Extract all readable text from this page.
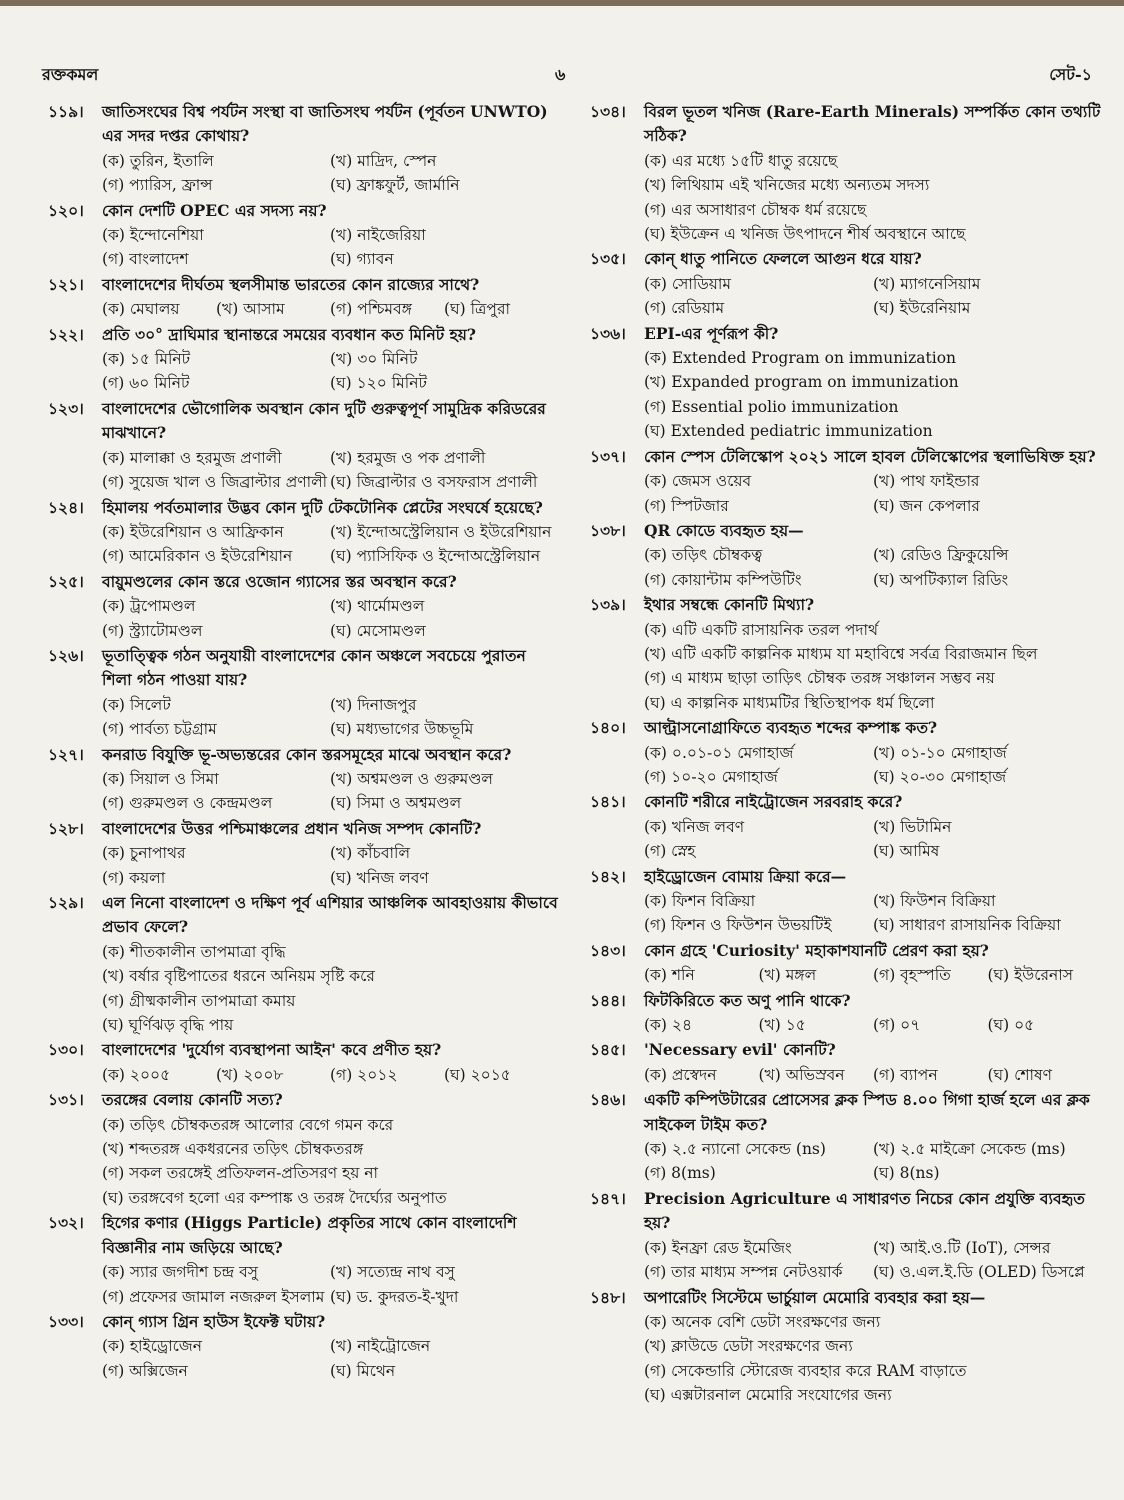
রক্তকমল	৬	সেট-১
১১৯।	জাতিসংঘের বিশ্ব পর্যটন সংস্থা বা জাতিসংঘ পর্যটন (পূর্বতন UNWTO) এর সদর দপ্তর কোথায়?
(ক) তুরিন, ইতালি	(খ) মাদ্রিদ, স্পেন
(গ) প্যারিস, ফ্রান্স	(ঘ) ফ্রাঙ্কফুর্ট, জার্মানি
১২০।	কোন দেশটি OPEC এর সদস্য নয়?
(ক) ইন্দোনেশিয়া	(খ) নাইজেরিয়া
(গ) বাংলাদেশ	(ঘ) গ্যাবন
১২১।	বাংলাদেশের দীর্ঘতম স্থলসীমান্ত ভারতের কোন রাজ্যের সাথে?
(ক) মেঘালয়	(খ) আসাম	(গ) পশ্চিমবঙ্গ	(ঘ) ত্রিপুরা
১২২।	প্রতি ৩০° দ্রাঘিমার স্থানান্তরে সময়ের ব্যবধান কত মিনিট হয়?
(ক) ১৫ মিনিট	(খ) ৩০ মিনিট
(গ) ৬০ মিনিট	(ঘ) ১২০ মিনিট
১২৩।	বাংলাদেশের ভৌগোলিক অবস্থান কোন দুটি গুরুত্বপূর্ণ সামুদ্রিক করিডরের মাঝখানে?
(ক) মালাক্কা ও হরমুজ প্রণালী	(খ) হরমুজ ও পক প্রণালী
(গ) সুয়েজ খাল ও জিব্রাল্টার প্রণালী (ঘ) জিব্রাল্টার ও বসফরাস প্রণালী
১২৪।	হিমালয় পর্বতমালার উদ্ভব কোন দুটি টেকটোনিক প্লেটের সংঘর্ষে হয়েছে?
(ক) ইউরেশিয়ান ও আফ্রিকান	(খ) ইন্দোঅস্ট্রেলিয়ান ও ইউরেশিয়ান
(গ) আমেরিকান ও ইউরেশিয়ান	(ঘ) প্যাসিফিক ও ইন্দোঅস্ট্রেলিয়ান
১২৫।	বায়ুমণ্ডলের কোন স্তরে ওজোন গ্যাসের স্তর অবস্থান করে?
(ক) ট্রপোমণ্ডল	(খ) থার্মোমণ্ডল
(গ) স্ট্র্যাটোমণ্ডল	(ঘ) মেসোমণ্ডল
১২৬।	ভূতাত্ত্বিক গঠন অনুযায়ী বাংলাদেশের কোন অঞ্চলে সবচেয়ে পুরাতন শিলা গঠন পাওয়া যায়?
(ক) সিলেট	(খ) দিনাজপুর
(গ) পার্বত্য চট্টগ্রাম	(ঘ) মধ্যভাগের উচ্চভূমি
১২৭।	কনরাড বিযুক্তি ভূ-অভ্যন্তরের কোন স্তরসমূহের মাঝে অবস্থান করে?
(ক) সিয়াল ও সিমা	(খ) অশ্বমণ্ডল ও গুরুমণ্ডল
(গ) গুরুমণ্ডল ও কেন্দ্রমণ্ডল	(ঘ) সিমা ও অশ্বমণ্ডল
১২৮।	বাংলাদেশের উত্তর পশ্চিমাঞ্চলের প্রধান খনিজ সম্পদ কোনটি?
(ক) চুনাপাথর	(খ) কাঁচবালি
(গ) কয়লা	(ঘ) খনিজ লবণ
১২৯।	এল নিনো বাংলাদেশ ও দক্ষিণ পূর্ব এশিয়ার আঞ্চলিক আবহাওয়ায় কীভাবে প্রভাব ফেলে?
(ক) শীতকালীন তাপমাত্রা বৃদ্ধি
(খ) বর্ষার বৃষ্টিপাতের ধরনে অনিয়ম সৃষ্টি করে
(গ) গ্রীষ্মকালীন তাপমাত্রা কমায়
(ঘ) ঘূর্ণিঝড় বৃদ্ধি পায়
১৩০।	বাংলাদেশের 'দুর্যোগ ব্যবস্থাপনা আইন' কবে প্রণীত হয়?
(ক) ২০০৫	(খ) ২০০৮	(গ) ২০১২	(ঘ) ২০১৫
১৩১।	তরঙ্গের বেলায় কোনটি সত্য?
(ক) তড়িৎ চৌম্বকতরঙ্গ আলোর বেগে গমন করে
(খ) শব্দতরঙ্গ একধরনের তড়িৎ চৌম্বকতরঙ্গ
(গ) সকল তরঙ্গেই প্রতিফলন-প্রতিসরণ হয় না
(ঘ) তরঙ্গবেগ হলো এর কম্পাঙ্ক ও তরঙ্গ দৈর্ঘ্যের অনুপাত
১৩২।	হিগের কণার (Higgs Particle) প্রকৃতির সাথে কোন বাংলাদেশি বিজ্ঞানীর নাম জড়িয়ে আছে?
(ক) স্যার জগদীশ চন্দ্র বসু	(খ) সত্যেন্দ্র নাথ বসু
(গ) প্রফেসর জামাল নজরুল ইসলাম (ঘ) ড. কুদরত-ই-খুদা
১৩৩।	কোন্ গ্যাস গ্রিন হাউস ইফেক্ট ঘটায়?
(ক) হাইড্রোজেন	(খ) নাইট্রোজেন
(গ) অক্সিজেন	(ঘ) মিথেন
১৩৪।	বিরল ভূতল খনিজ (Rare-Earth Minerals) সম্পর্কিত কোন তথ্যটি সঠিক?
(ক) এর মধ্যে ১৫টি ধাতু রয়েছে
(খ) লিথিয়াম এই খনিজের মধ্যে অন্যতম সদস্য
(গ) এর অসাধারণ চৌম্বক ধর্ম রয়েছে
(ঘ) ইউক্রেন এ খনিজ উৎপাদনে শীর্ষ অবস্থানে আছে
১৩৫।	কোন্ ধাতু পানিতে ফেললে আগুন ধরে যায়?
(ক) সোডিয়াম	(খ) ম্যাগনেসিয়াম
(গ) রেডিয়াম	(ঘ) ইউরেনিয়াম
১৩৬।	EPI-এর পূর্ণরূপ কী?
(ক) Extended Program on immunization
(খ) Expanded program on immunization
(গ) Essential polio immunization
(ঘ) Extended pediatric immunization
১৩৭।	কোন স্পেস টেলিস্কোপ ২০২১ সালে হাবল টেলিস্কোপের স্থলাভিষিক্ত হয়?
(ক) জেমস ওয়েব	(খ) পাথ ফাইন্ডার
(গ) স্পিটজার	(ঘ) জন কেপলার
১৩৮।	QR কোডে ব্যবহৃত হয়—
(ক) তড়িৎ চৌম্বকত্ব	(খ) রেডিও ফ্রিকুয়েন্সি
(গ) কোয়ান্টাম কম্পিউটিং	(ঘ) অপটিক্যাল রিডিং
১৩৯।	ইথার সম্বন্ধে কোনটি মিথ্যা?
(ক) এটি একটি রাসায়নিক তরল পদার্থ
(খ) এটি একটি কাল্পনিক মাধ্যম যা মহাবিশ্বে সর্বত্র বিরাজমান ছিল
(গ) এ মাধ্যম ছাড়া তাড়িৎ চৌম্বক তরঙ্গ সঞ্চালন সম্ভব নয়
(ঘ) এ কাল্পনিক মাধ্যমটির স্থিতিস্থাপক ধর্ম ছিলো
১৪০।	আল্ট্রাসনোগ্রাফিতে ব্যবহৃত শব্দের কম্পাঙ্ক কত?
(ক) ০.০১-০১ মেগাহার্জ	(খ) ০১-১০ মেগাহার্জ
(গ) ১০-২০ মেগাহার্জ	(ঘ) ২০-৩০ মেগাহার্জ
১৪১।	কোনটি শরীরে নাইট্রোজেন সরবরাহ করে?
(ক) খনিজ লবণ	(খ) ভিটামিন
(গ) স্নেহ	(ঘ) আমিষ
১৪২।	হাইড্রোজেন বোমায় ক্রিয়া করে—
(ক) ফিশন বিক্রিয়া	(খ) ফিউশন বিক্রিয়া
(গ) ফিশন ও ফিউশন উভয়টিই	(ঘ) সাধারণ রাসায়নিক বিক্রিয়া
১৪৩।	কোন গ্রহে 'Curiosity' মহাকাশযানটি প্রেরণ করা হয়?
(ক) শনি	(খ) মঙ্গল	(গ) বৃহস্পতি	(ঘ) ইউরেনাস
১৪৪।	ফিটকিরিতে কত অণু পানি থাকে?
(ক) ২৪	(খ) ১৫	(গ) ০৭	(ঘ) ০৫
১৪৫।	'Necessary evil' কোনটি?
(ক) প্রস্বেদন	(খ) অভিস্রবন	(গ) ব্যাপন	(ঘ) শোষণ
১৪৬।	একটি কম্পিউটারের প্রোসেসর ক্লক স্পিড ৪.০০ গিগা হার্জ হলে এর ক্লক সাইকেল টাইম কত?
(ক) ২.৫ ন্যানো সেকেন্ড (ns)	(খ) ২.৫ মাইক্রো সেকেন্ড (ms)
(গ) 8(ms)	(ঘ) 8(ns)
১৪৭।	Precision Agriculture এ সাধারণত নিচের কোন প্রযুক্তি ব্যবহৃত হয়?
(ক) ইনফ্রা রেড ইমেজিং	(খ) আই.ও.টি (IoT), সেন্সর
(গ) তার মাধ্যম সম্পন্ন নেটওয়ার্ক	(ঘ) ও.এল.ই.ডি (OLED) ডিসপ্লে
১৪৮।	অপারেটিং সিস্টেমে ভার্চুয়াল মেমোরি ব্যবহার করা হয়—
(ক) অনেক বেশি ডেটা সংরক্ষণের জন্য
(খ) ক্লাউডে ডেটা সংরক্ষণের জন্য
(গ) সেকেন্ডারি স্টোরেজ ব্যবহার করে RAM বাড়াতে
(ঘ) এক্সটারনাল মেমোরি সংযোগের জন্য
